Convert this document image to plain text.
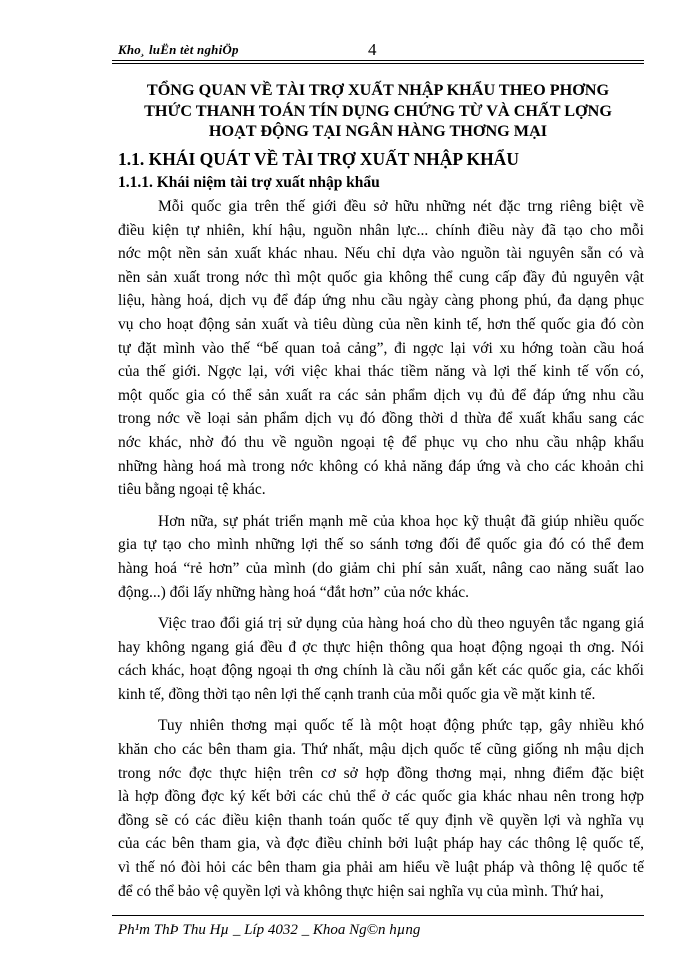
Kho¸ luËn tèt nghiÖp	4
TỔNG QUAN VỀ TÀI TRỢ XUẤT NHẬP KHẨU THEO PHƠNG
THỨC THANH TOÁN TÍN DỤNG CHỨNG TỪ VÀ CHẤT LỢNG
HOẠT ĐỘNG TẠI NGÂN HÀNG THƠNG MẠI
1.1. KHÁI QUÁT VỀ TÀI TRỢ XUẤT NHẬP KHẨU
1.1.1. Khái niệm tài trợ xuất nhập khẩu
Mỗi quốc gia trên thế giới đều sở hữu những nét đặc trng riêng biệt về
điều kiện tự nhiên, khí hậu, nguồn nhân lực... chính điều này đã tạo cho mỗi
nớc một nền sản xuất khác nhau. Nếu chỉ dựa vào nguồn tài nguyên sẵn có và
nền sản xuất trong nớc thì một quốc gia không thể cung cấp đầy đủ nguyên vật
liệu, hàng hoá, dịch vụ để đáp ứng nhu cầu ngày càng phong phú, đa dạng phục
vụ cho hoạt động sản xuất và tiêu dùng của nền kinh tế, hơn thế quốc gia đó còn
tự đặt mình vào thế “bế quan toả cảng”, đi ngợc lại với xu hớng toàn cầu hoá
của thế giới. Ngợc lại, với việc khai thác tiềm năng và lợi thế kinh tế vốn có,
một quốc gia có thể sản xuất ra các sản phẩm dịch vụ đủ để đáp ứng nhu cầu
trong nớc về loại sản phẩm dịch vụ đó đồng thời d thừa để xuất khẩu sang các
nớc khác, nhờ đó thu về nguồn ngoại tệ để phục vụ cho nhu cầu nhập khẩu
những hàng hoá mà trong nớc không có khả năng đáp ứng và cho các khoản chi
tiêu bằng ngoại tệ khác.
Hơn nữa, sự phát triển mạnh mẽ của khoa học kỹ thuật đã giúp nhiều quốc
gia tự tạo cho mình những lợi thế so sánh tơng đối để quốc gia đó có thể đem
hàng hoá “rẻ hơn” của mình (do giảm chi phí sản xuất, nâng cao năng suất lao
động...) đổi lấy những hàng hoá “đắt hơn” của nớc khác.
Việc trao đổi giá trị sử dụng của hàng hoá cho dù theo nguyên tắc ngang giá
hay không ngang giá đều đ ợc thực hiện thông qua hoạt động ngoại th ơng. Nói
cách khác, hoạt động ngoại th ơng chính là cầu nối gắn kết các quốc gia, các khối
kinh tế, đồng thời tạo nên lợi thế cạnh tranh của mỗi quốc gia về mặt kinh tế.
Tuy nhiên thơng mại quốc tế là một hoạt động phức tạp, gây nhiều khó
khăn cho các bên tham gia. Thứ nhất, mậu dịch quốc tế cũng giống nh mậu dịch
trong nớc đợc thực hiện trên cơ sở hợp đồng thơng mại, nhng điểm đặc biệt
là hợp đồng đợc ký kết bởi các chủ thể ở các quốc gia khác nhau nên trong hợp
đồng sẽ có các điều kiện thanh toán quốc tế quy định về quyền lợi và nghĩa vụ
của các bên tham gia, và đợc điều chỉnh bởi luật pháp hay các thông lệ quốc tế,
vì thế nó đòi hỏi các bên tham gia phải am hiểu về luật pháp và thông lệ quốc tế
để có thể bảo vệ quyền lợi và không thực hiện sai nghĩa vụ của mình. Thứ hai,
Ph¹m ThÞ Thu Hµ _ Líp 4032 _ Khoa Ng©n hµng
